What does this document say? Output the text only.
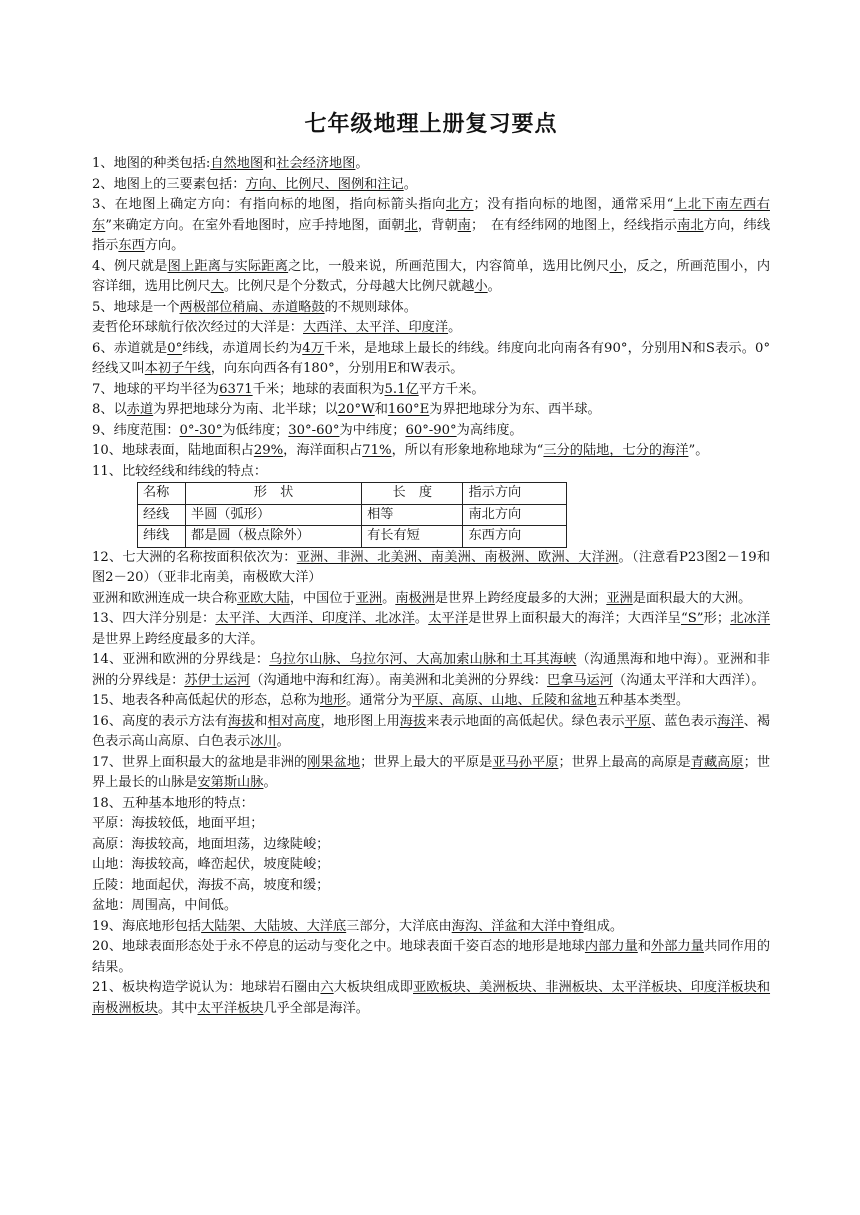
七年级地理上册复习要点
1、地图的种类包括:自然地图和社会经济地图。
2、地图上的三要素包括：方向、比例尺、图例和注记。
3、在地图上确定方向：有指向标的地图，指向标箭头指向北方；没有指向标的地图，通常采用“上北下南左西右东”来确定方向。在室外看地图时，应手持地图，面朝北，背朝南；　在有经纬网的地图上，经线指示南北方向，纬线指示东西方向。
4、例尺就是图上距离与实际距离之比，一般来说，所画范围大，内容简单，选用比例尺小，反之，所画范围小，内容详细，选用比例尺大。比例尺是个分数式，分母越大比例尺就越小。
5、地球是一个两极部位稍扁、赤道略鼓的不规则球体。
麦哲伦环球航行依次经过的大洋是：大西洋、太平洋、印度洋。
6、赤道就是0°纬线，赤道周长约为4万千米，是地球上最长的纬线。纬度向北向南各有90°，分别用N和S表示。0°经线又叫本初子午线，向东向西各有180°，分别用E和W表示。
7、地球的平均半径为6371千米；地球的表面积为5.1亿平方千米。
8、以赤道为界把地球分为南、北半球；以20°W和160°E为界把地球分为东、西半球。
9、纬度范围：0°-30°为低纬度；30°-60°为中纬度；60°-90°为高纬度。
10、地球表面，陆地面积占29%，海洋面积占71%，所以有形象地称地球为“三分的陆地，七分的海洋”。
11、比较经线和纬线的特点：
名称	形　状	长　度	指示方向
经线	半圆（弧形）	相等	南北方向
纬线	都是圆（极点除外）	有长有短	东西方向
12、七大洲的名称按面积依次为：亚洲、非洲、北美洲、南美洲、南极洲、欧洲、大洋洲。（注意看P23图2－19和图2－20）（亚非北南美，南极欧大洋）
亚洲和欧洲连成一块合称亚欧大陆，中国位于亚洲。南极洲是世界上跨经度最多的大洲；亚洲是面积最大的大洲。
13、四大洋分别是：太平洋、大西洋、印度洋、北冰洋。太平洋是世界上面积最大的海洋；大西洋呈“S”形；北冰洋是世界上跨经度最多的大洋。
14、亚洲和欧洲的分界线是：乌拉尔山脉、乌拉尔河、大高加索山脉和土耳其海峡（沟通黑海和地中海）。亚洲和非洲的分界线是：苏伊士运河（沟通地中海和红海）。南美洲和北美洲的分界线：巴拿马运河（沟通太平洋和大西洋）。
15、地表各种高低起伏的形态，总称为地形。通常分为平原、高原、山地、丘陵和盆地五种基本类型。
16、高度的表示方法有海拔和相对高度，地形图上用海拔来表示地面的高低起伏。绿色表示平原、蓝色表示海洋、褐色表示高山高原、白色表示冰川。
17、世界上面积最大的盆地是非洲的刚果盆地；世界上最大的平原是亚马孙平原；世界上最高的高原是青藏高原；世界上最长的山脉是安第斯山脉。
18、五种基本地形的特点：
平原：海拔较低，地面平坦；
高原：海拔较高，地面坦荡，边缘陡峻；
山地：海拔较高，峰峦起伏，坡度陡峻；
丘陵：地面起伏，海拔不高，坡度和缓；
盆地：周围高，中间低。
19、海底地形包括大陆架、大陆坡、大洋底三部分，大洋底由海沟、洋盆和大洋中脊组成。
20、地球表面形态处于永不停息的运动与变化之中。地球表面千姿百态的地形是地球内部力量和外部力量共同作用的结果。
21、板块构造学说认为：地球岩石圈由六大板块组成即亚欧板块、美洲板块、非洲板块、太平洋板块、印度洋板块和南极洲板块。其中太平洋板块几乎全部是海洋。
